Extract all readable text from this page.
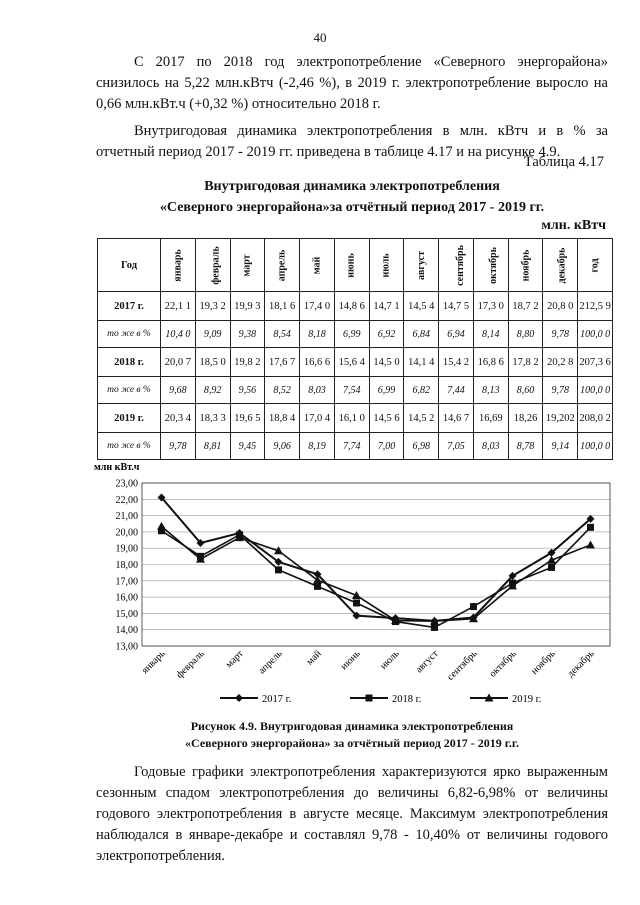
40

С 2017 по 2018 год электропотребление «Северного энергорайона» снизилось на 5,22 млн.кВтч (-2,46 %), в 2019 г. электропотребление выросло на 0,66 млн.кВт.ч (+0,32 %) относительно 2018 г.

Внутригодовая динамика электропотребления в млн. кВтч и в % за отчетный период 2017 - 2019 гг. приведена в таблице 4.17 и на рисунке 4.9.

Таблица 4.17
Внутригодовая динамика электропотребления
«Северного энергорайона»за отчётный период 2017 - 2019 гг.
млн. кВтч
Год	январь	февраль	март	апрель	май	июнь	июль	август	сентябрь	октябрь	ноябрь	декабрь	год
2017 г.	22,1 1	19,3 2	19,9 3	18,1 6	17,4 0	14,8 6	14,7 1	14,5 4	14,7 5	17,3 0	18,7 2	20,8 0	212,5 9
то же в %	10,4 0	9,09	9,38	8,54	8,18	6,99	6,92	6,84	6,94	8,14	8,80	9,78	100,0 0
2018 г.	20,0 7	18,5 0	19,8 2	17,6 7	16,6 6	15,6 4	14,5 0	14,1 4	15,4 2	16,8 6	17,8 2	20,2 8	207,3 6
то же в %	9,68	8,92	9,56	8,52	8,03	7,54	6,99	6,82	7,44	8,13	8,60	9,78	100,0 0
2019 г.	20,3 4	18,3 3	19,6 5	18,8 4	17,0 4	16,1 0	14,5 6	14,5 2	14,6 7	16,69	18,26	19,202	208,0 2
то же в %	9,78	8,81	9,45	9,06	8,19	7,74	7,00	6,98	7,05	8,03	8,78	9,14	100,0 0
млн кВт.ч
13,00
14,00
15,00
16,00
17,00
18,00
19,00
20,00
21,00
22,00
23,00
январь февраль март апрель май июнь июль август сентябрь октябрь ноябрь декабрь
2017 г.	2018 г.	2019 г.
Рисунок 4.9. Внутригодовая динамика электропотребления
«Северного энергорайона» за отчётный период 2017 - 2019 г.г.

Годовые графики электропотребления характеризуются ярко выраженным сезонным спадом электропотребления до величины 6,82-6,98% от величины годового электропотребления в августе месяце. Максимум электропотребления наблюдался в январе-декабре и составлял 9,78 - 10,40% от величины годового электропотребления.
